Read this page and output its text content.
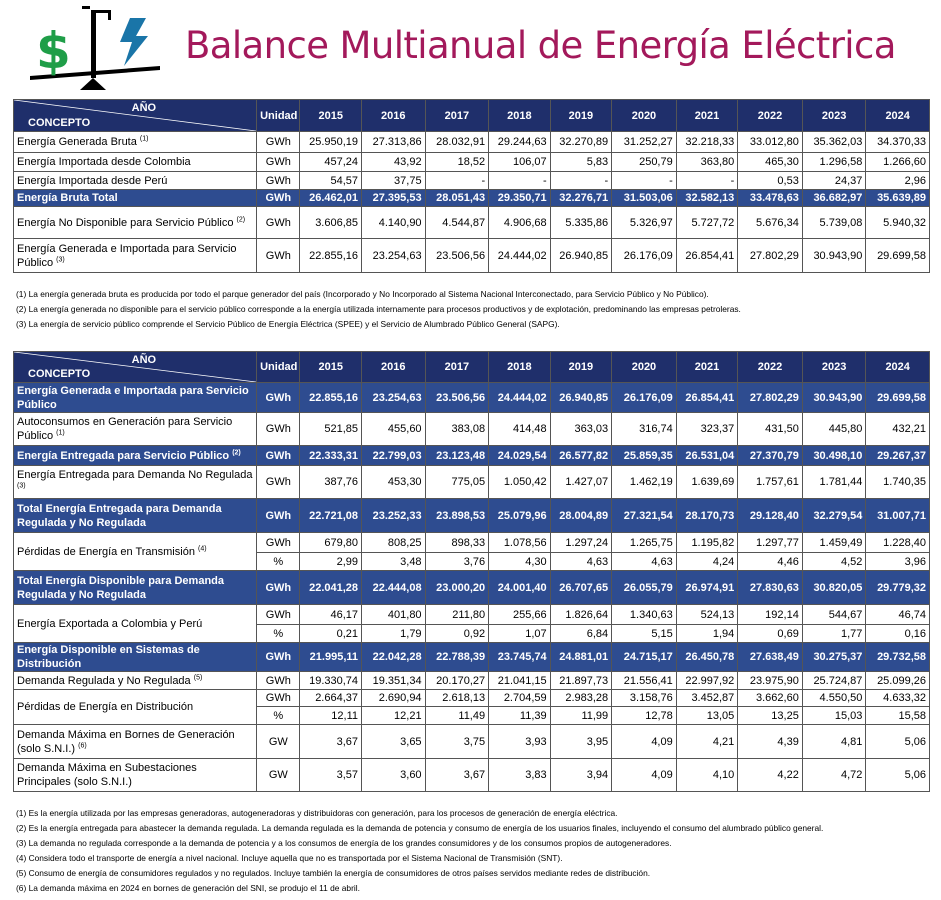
$	Balance Multianual de Energía Eléctrica
AÑO
CONCEPTO	Unidad	2015	2016	2017	2018	2019	2020	2021	2022	2023	2024
Energía Generada Bruta $^{(1)}$	GWh	25.950,19	27.313,86	28.032,91	29.244,63	32.270,89	31.252,27	32.218,33	33.012,80	35.362,03	34.370,33
Energía Importada desde Colombia	GWh	457,24	43,92	18,52	106,07	5,83	250,79	363,80	465,30	1.296,58	1.266,60
Energía Importada desde Perú	GWh	54,57	37,75	-	-	-	-	-	0,53	24,37	2,96
Energía Bruta Total	GWh	26.462,01	27.395,53	28.051,43	29.350,71	32.276,71	31.503,06	32.582,13	33.478,63	36.682,97	35.639,89
Energía No Disponible para Servicio Público $^{(2)}$	GWh	3.606,85	4.140,90	4.544,87	4.906,68	5.335,86	5.326,97	5.727,72	5.676,34	5.739,08	5.940,32
Energía Generada e Importada para Servicio Público $^{(3)}$	GWh	22.855,16	23.254,63	23.506,56	24.444,02	26.940,85	26.176,09	26.854,41	27.802,29	30.943,90	29.699,58
(1) La energía generada bruta es producida por todo el parque generador del país (Incorporado y No Incorporado al Sistema Nacional Interconectado, para Servicio Público y No Público).
(2) La energía generada no disponible para el servicio público corresponde a la energía utilizada internamente para procesos productivos y de explotación, predominando las empresas petroleras.
(3) La energía de servicio público comprende el Servicio Público de Energía Eléctrica (SPEE) y el Servicio de Alumbrado Público General (SAPG).
AÑO
CONCEPTO	Unidad	2015	2016	2017	2018	2019	2020	2021	2022	2023	2024
Energía Generada e Importada para Servicio Público	GWh	22.855,16	23.254,63	23.506,56	24.444,02	26.940,85	26.176,09	26.854,41	27.802,29	30.943,90	29.699,58
Autoconsumos en Generación para Servicio Público $^{(1)}$	GWh	521,85	455,60	383,08	414,48	363,03	316,74	323,37	431,50	445,80	432,21
Energía Entregada para Servicio Público $^{(2)}$	GWh	22.333,31	22.799,03	23.123,48	24.029,54	26.577,82	25.859,35	26.531,04	27.370,79	30.498,10	29.267,37
Energía Entregada para Demanda No Regulada $^{(3)}$	GWh	387,76	453,30	775,05	1.050,42	1.427,07	1.462,19	1.639,69	1.757,61	1.781,44	1.740,35
Total Energía Entregada para Demanda Regulada y No Regulada	GWh	22.721,08	23.252,33	23.898,53	25.079,96	28.004,89	27.321,54	28.170,73	29.128,40	32.279,54	31.007,71
Pérdidas de Energía en Transmisión $^{(4)}$	GWh	679,80	808,25	898,33	1.078,56	1.297,24	1.265,75	1.195,82	1.297,77	1.459,49	1.228,40
	%	2,99	3,48	3,76	4,30	4,63	4,63	4,24	4,46	4,52	3,96
Total Energía Disponible para Demanda Regulada y No Regulada	GWh	22.041,28	22.444,08	23.000,20	24.001,40	26.707,65	26.055,79	26.974,91	27.830,63	30.820,05	29.779,32
Energía Exportada a Colombia y Perú	GWh	46,17	401,80	211,80	255,66	1.826,64	1.340,63	524,13	192,14	544,67	46,74
	%	0,21	1,79	0,92	1,07	6,84	5,15	1,94	0,69	1,77	0,16
Energía Disponible en Sistemas de Distribución	GWh	21.995,11	22.042,28	22.788,39	23.745,74	24.881,01	24.715,17	26.450,78	27.638,49	30.275,37	29.732,58
Demanda Regulada y No Regulada $^{(5)}$	GWh	19.330,74	19.351,34	20.170,27	21.041,15	21.897,73	21.556,41	22.997,92	23.975,90	25.724,87	25.099,26
Pérdidas de Energía en Distribución	GWh	2.664,37	2.690,94	2.618,13	2.704,59	2.983,28	3.158,76	3.452,87	3.662,60	4.550,50	4.633,32
	%	12,11	12,21	11,49	11,39	11,99	12,78	13,05	13,25	15,03	15,58
Demanda Máxima en Bornes de Generación (solo S.N.I.) $^{(6)}$	GW	3,67	3,65	3,75	3,93	3,95	4,09	4,21	4,39	4,81	5,06
Demanda Máxima en Subestaciones Principales (solo S.N.I.)	GW	3,57	3,60	3,67	3,83	3,94	4,09	4,10	4,22	4,72	5,06
(1) Es la energía utilizada por las empresas generadoras, autogeneradoras y distribuidoras con generación, para los procesos de generación de energía eléctrica.
(2) Es la energía entregada para abastecer la demanda regulada. La demanda regulada es la demanda de potencia y consumo de energía de los usuarios finales, incluyendo el consumo del alumbrado público general.
(3) La demanda no regulada corresponde a la demanda de potencia y a los consumos de energía de los grandes consumidores y de los consumos propios de autogeneradores.
(4) Considera todo el transporte de energía a nivel nacional. Incluye aquella que no es transportada por el Sistema Nacional de Transmisión (SNT).
(5) Consumo de energía de consumidores regulados y no regulados. Incluye también la energía de consumidores de otros países servidos mediante redes de distribución.
(6) La demanda máxima en 2024 en bornes de generación del SNI, se produjo el 11 de abril.
